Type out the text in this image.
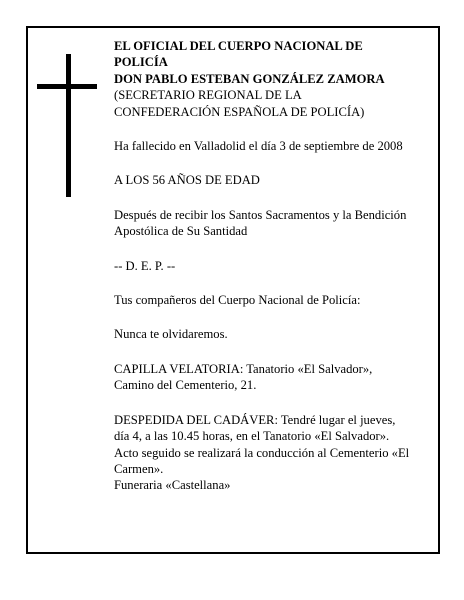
EL OFICIAL DEL CUERPO NACIONAL DE POLICÍA

DON PABLO ESTEBAN GONZÁLEZ ZAMORA

(SECRETARIO REGIONAL DE LA CONFEDERACIÓN ESPAÑOLA DE POLICÍA)

Ha fallecido en Valladolid el día 3 de septiembre de 2008

A LOS 56 AÑOS DE EDAD

Después de recibir los Santos Sacramentos y la Bendición Apostólica de Su Santidad

-- D. E. P. --

Tus compañeros del Cuerpo Nacional de Policía:

Nunca te olvidaremos.

CAPILLA VELATORIA: Tanatorio «El Salvador», Camino del Cementerio, 21.

DESPEDIDA DEL CADÁVER: Tendré lugar el jueves, día 4, a las 10.45 horas, en el Tanatorio «El Salvador». Acto seguido se realizará la conducción al Cementerio «El Carmen».

Funeraria «Castellana»
